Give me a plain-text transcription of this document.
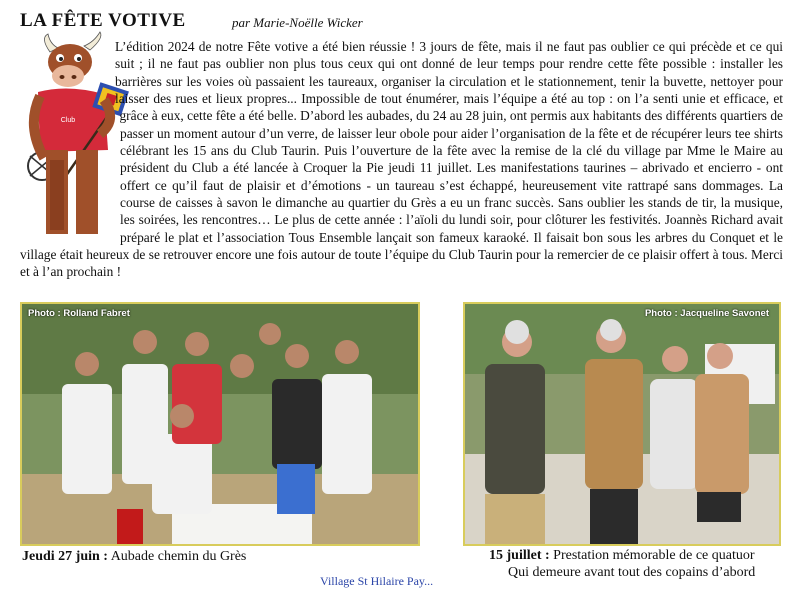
LA FÊTE VOTIVE	par Marie-Noëlle Wicker
Club

L’édition 2024 de notre Fête votive a été bien réussie ! 3 jours de fête, mais il ne faut pas oublier ce qui précède et ce qui suit ; il ne faut pas oublier non plus tous ceux qui ont donné de leur temps pour rendre cette fête possible : installer les barrières sur les voies où passaient les taureaux, organiser la circulation et le stationnement, tenir la buvette, nettoyer pour laisser des rues et lieux propres... Impossible de tout énumérer, mais l’équipe a été au top : on l’a senti unie et efficace, et grâce à eux, cette fête a été belle. D’abord les aubades, du 24 au 28 juin, ont permis aux habitants des différents quartiers de passer un moment autour d’un verre, de laisser leur obole pour aider l’organisation de la fête et de récupérer leurs tee shirts célébrant les 15 ans du Club Taurin. Puis l’ouverture de la fête avec la remise de la clé du village par Mme le Maire au président du Club a été lancée à Croquer la Pie jeudi 11 juillet. Les manifestations taurines – abrivado et encierro - ont offert ce qu’il faut de plaisir et d’émotions - un taureau s’est échappé, heureusement vite rattrapé sans dommages. La course de caisses à savon le dimanche au quartier du Grès a eu un franc succès. Sans oublier les stands de tir, la musique, les soirées, les rencontres… Le plus de cette année : l’aïoli du lundi soir, pour clôturer les festivités. Joannès Richard avait préparé le plat et l’association Tous Ensemble lançait son fameux karaoké. Il faisait bon sous les arbres du Conquet et le village était heureux de se retrouver encore une fois autour de toute l’équipe du Club Taurin pour la remercier de ce plaisir offert à tous. Merci et à l’an prochain !

Photo : Rolland Fabret	Photo : Jacqueline Savonet
Jeudi 27 juin : Aubade chemin du Grès	15 juillet : Prestation mémorable de ce quatuor
Qui demeure avant tout des copains d’abord
Village St Hilaire Pay...
